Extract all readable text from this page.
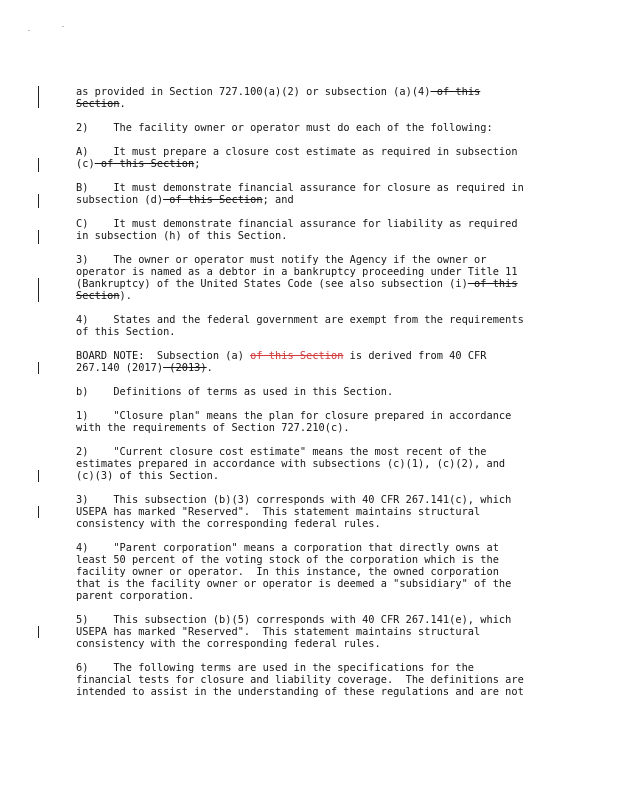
as provided in Section 727.100(a)(2) or subsection (a)(4) of this

Section.

2)    The facility owner or operator must do each of the following:

A)    It must prepare a closure cost estimate as required in subsection

(c) of this Section;

B)    It must demonstrate financial assurance for closure as required in

subsection (d) of this Section; and

C)    It must demonstrate financial assurance for liability as required

in subsection (h) of this Section.

3)    The owner or operator must notify the Agency if the owner or

operator is named as a debtor in a bankruptcy proceeding under Title 11

(Bankruptcy) of the United States Code (see also subsection (i) of this

Section).

4)    States and the federal government are exempt from the requirements

of this Section.

BOARD NOTE:  Subsection (a) of this Section is derived from 40 CFR

267.140 (2017) (2013).

b)    Definitions of terms as used in this Section.

1)    "Closure plan" means the plan for closure prepared in accordance

with the requirements of Section 727.210(c).

2)    "Current closure cost estimate" means the most recent of the

estimates prepared in accordance with subsections (c)(1), (c)(2), and

(c)(3) of this Section.

3)    This subsection (b)(3) corresponds with 40 CFR 267.141(c), which

USEPA has marked "Reserved".  This statement maintains structural

consistency with the corresponding federal rules.

4)    "Parent corporation" means a corporation that directly owns at

least 50 percent of the voting stock of the corporation which is the

facility owner or operator.  In this instance, the owned corporation

that is the facility owner or operator is deemed a "subsidiary" of the

parent corporation.

5)    This subsection (b)(5) corresponds with 40 CFR 267.141(e), which

USEPA has marked "Reserved".  This statement maintains structural

consistency with the corresponding federal rules.

6)    The following terms are used in the specifications for the

financial tests for closure and liability coverage.  The definitions are

intended to assist in the understanding of these regulations and are not
